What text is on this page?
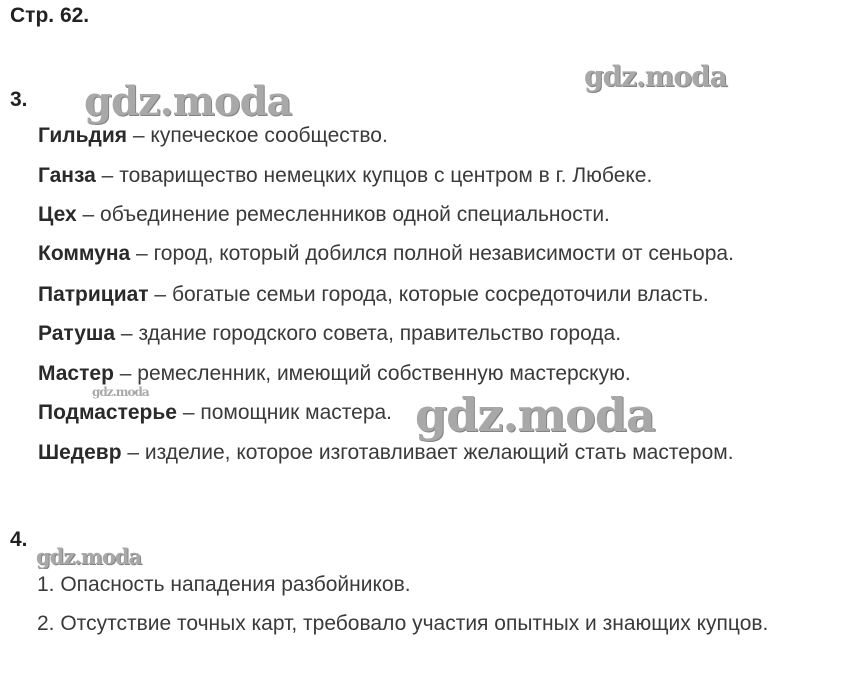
Стр. 62.
3.
Гильдия – купеческое сообщество.
Ганза – товарищество немецких купцов с центром в г. Любеке.
Цех – объединение ремесленников одной специальности.
Коммуна – город, который добился полной независимости от сеньора.
Патрициат – богатые семьи города, которые сосредоточили власть.
Ратуша – здание городского совета, правительство города.
Мастер – ремесленник, имеющий собственную мастерскую.
Подмастерье – помощник мастера.
Шедевр – изделие, которое изготавливает желающий стать мастером.
4.
1. Опасность нападения разбойников.
2. Отсутствие точных карт, требовало участия опытных и знающих купцов.
gdz.moda
gdz.moda
gdz.moda
gdz.moda
gdz.moda
